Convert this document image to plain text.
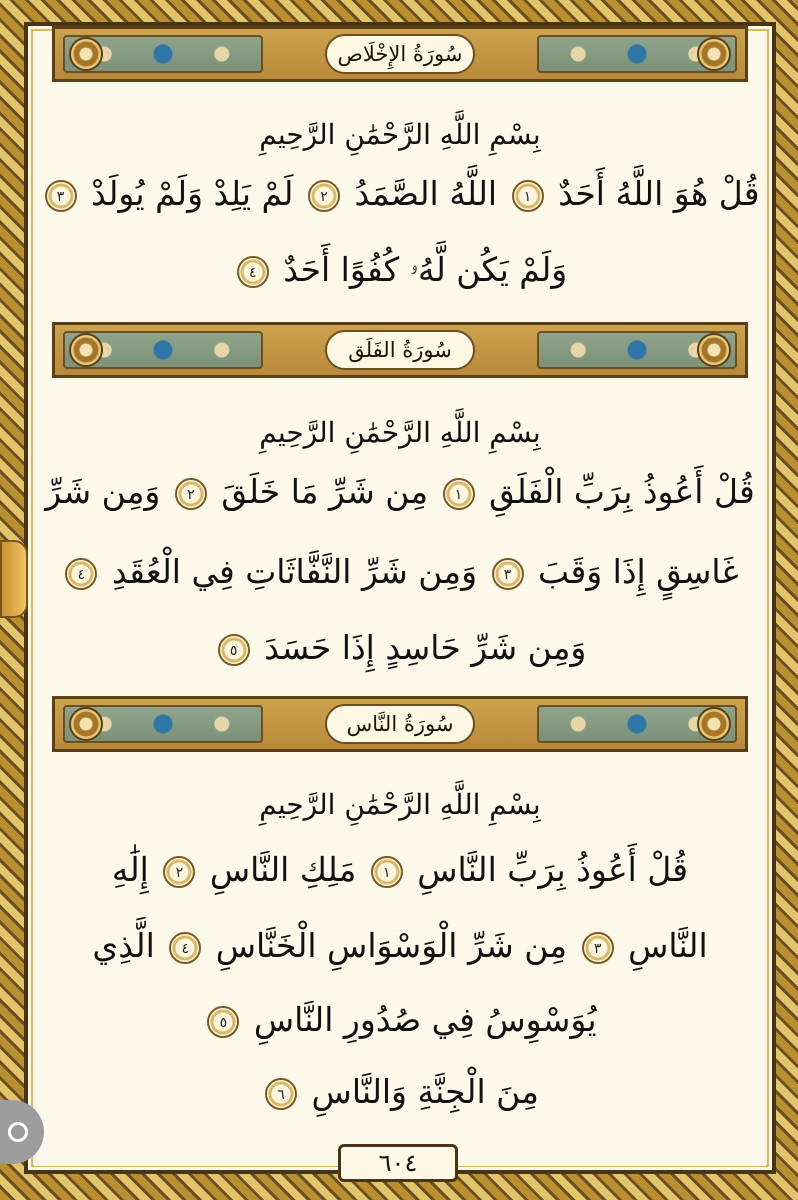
سُورَةُ الإِخْلَاص
بِسْمِ اللَّهِ الرَّحْمَٰنِ الرَّحِيمِ
قُلْ هُوَ اللَّهُ أَحَدٌ ١ اللَّهُ الصَّمَدُ ٢ لَمْ يَلِدْ وَلَمْ يُولَدْ ٣
وَلَمْ يَكُن لَّهُۥ كُفُوًا أَحَدٌ ٤
سُورَةُ الفَلَق
بِسْمِ اللَّهِ الرَّحْمَٰنِ الرَّحِيمِ
قُلْ أَعُوذُ بِرَبِّ الْفَلَقِ ١ مِن شَرِّ مَا خَلَقَ ٢ وَمِن شَرِّ
غَاسِقٍ إِذَا وَقَبَ ٣ وَمِن شَرِّ النَّفَّاثَاتِ فِي الْعُقَدِ ٤
وَمِن شَرِّ حَاسِدٍ إِذَا حَسَدَ ٥
سُورَةُ النَّاس
بِسْمِ اللَّهِ الرَّحْمَٰنِ الرَّحِيمِ
قُلْ أَعُوذُ بِرَبِّ النَّاسِ ١ مَلِكِ النَّاسِ ٢ إِلَٰهِ
النَّاسِ ٣ مِن شَرِّ الْوَسْوَاسِ الْخَنَّاسِ ٤ الَّذِي
يُوَسْوِسُ فِي صُدُورِ النَّاسِ ٥
مِنَ الْجِنَّةِ وَالنَّاسِ ٦
٦٠٤
